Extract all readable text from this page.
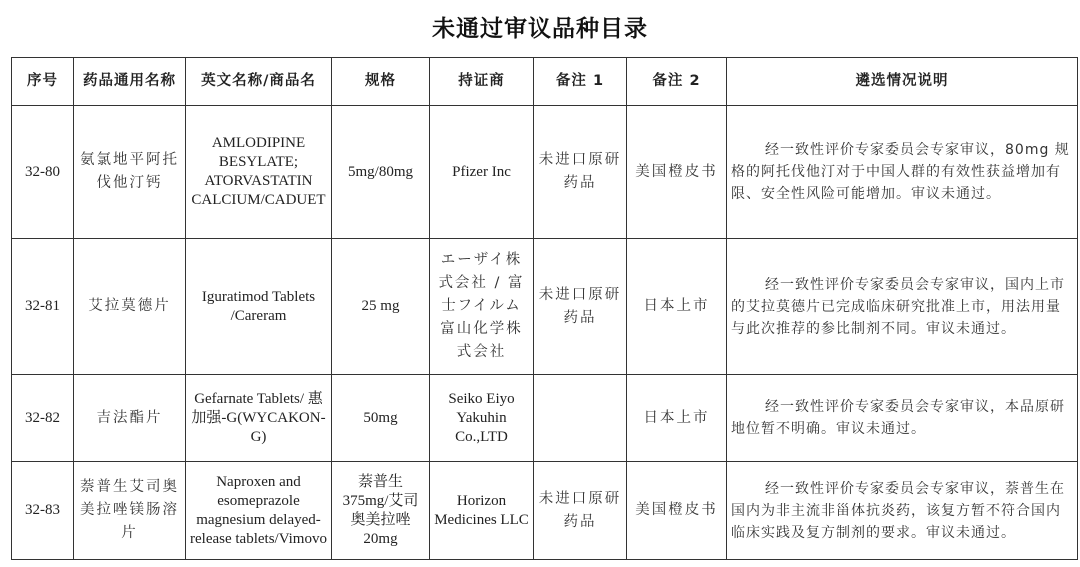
未通过审议品种目录
序号	药品通用名称	英文名称/商品名	规格	持证商	备注 1	备注 2	遴选情况说明
32-80	氨氯地平阿托伐他汀钙	AMLODIPINE BESYLATE; ATORVASTATIN CALCIUM/CADUET	5mg/80mg	Pfizer Inc	未进口原研药品	美国橙皮书	经一致性评价专家委员会专家审议，80mg 规格的阿托伐他汀对于中国人群的有效性获益增加有限、安全性风险可能增加。审议未通过。
32-81	艾拉莫德片	Iguratimod Tablets /Careram	25 mg	エーザイ株式会社 / 富士フイルム富山化学株式会社	未进口原研药品	日本上市	经一致性评价专家委员会专家审议，国内上市的艾拉莫德片已完成临床研究批准上市，用法用量与此次推荐的参比制剂不同。审议未通过。
32-82	吉法酯片	Gefarnate Tablets/ 惠加强-G(WYCAKON-G)	50mg	Seiko Eiyo Yakuhin Co.,LTD		日本上市	经一致性评价专家委员会专家审议，本品原研地位暂不明确。审议未通过。
32-83	萘普生艾司奥美拉唑镁肠溶片	Naproxen and esomeprazole magnesium delayed-release tablets/Vimovo	萘普生 375mg/艾司奥美拉唑 20mg	Horizon Medicines LLC	未进口原研药品	美国橙皮书	经一致性评价专家委员会专家审议，萘普生在国内为非主流非甾体抗炎药，该复方暂不符合国内临床实践及复方制剂的要求。审议未通过。
